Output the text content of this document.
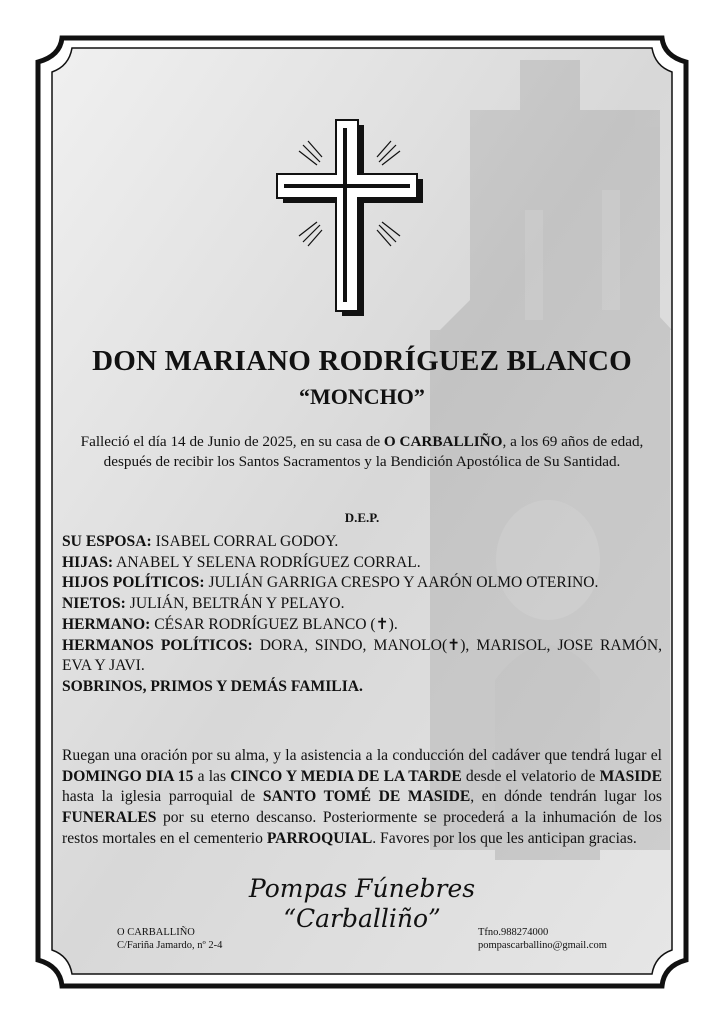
DON MARIANO RODRÍGUEZ BLANCO
“MONCHO”
Falleció el día 14 de Junio de 2025, en su casa de O CARBALLIÑO, a los 69 años de edad, después de recibir los Santos Sacramentos y la Bendición Apostólica de Su Santidad.
D.E.P.
SU ESPOSA: ISABEL CORRAL GODOY.
HIJAS: ANABEL Y SELENA RODRÍGUEZ CORRAL.
HIJOS POLÍTICOS: JULIÁN GARRIGA CRESPO Y AARÓN OLMO OTERINO.
NIETOS: JULIÁN, BELTRÁN Y PELAYO.
HERMANO: CÉSAR RODRÍGUEZ BLANCO (✝).
HERMANOS POLÍTICOS: DORA, SINDO, MANOLO(✝), MARISOL, JOSE RAMÓN, EVA Y JAVI.
SOBRINOS, PRIMOS Y DEMÁS FAMILIA.
Ruegan una oración por su alma, y la asistencia a la conducción del cadáver que tendrá lugar el DOMINGO DIA 15 a las CINCO Y MEDIA DE LA TARDE desde el velatorio de MASIDE hasta la iglesia parroquial de SANTO TOMÉ DE MASIDE, en dónde tendrán lugar los FUNERALES por su eterno descanso. Posteriormente se procederá a la inhumación de los restos mortales en el cementerio PARROQUIAL. Favores por los que les anticipan gracias.
Pompas Fúnebres
“Carballiño”
O CARBALLIÑO
C/Fariña Jamardo, nº 2-4
Tfno.988274000
pompascarballino@gmail.com
